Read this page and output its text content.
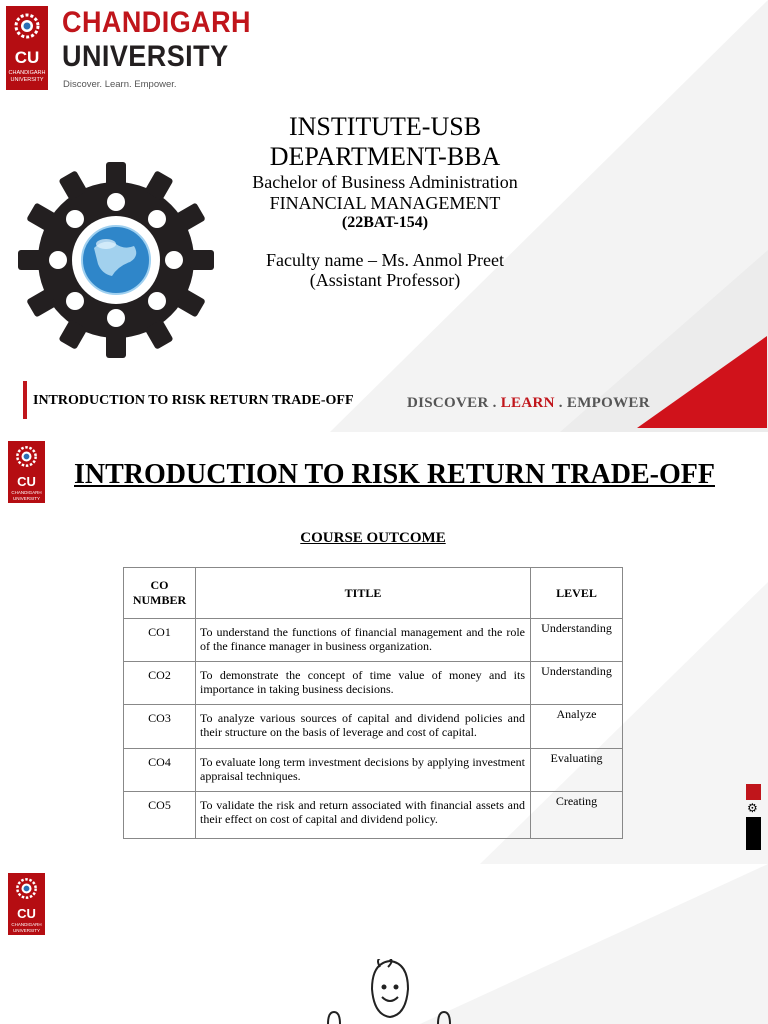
CU
CHANDIGARH
UNIVERSITY
CHANDIGARH
UNIVERSITY
Discover. Learn. Empower.
INSTITUTE-USB
DEPARTMENT-BBA
Bachelor of Business Administration
FINANCIAL MANAGEMENT
(22BAT-154)
Faculty name – Ms. Anmol Preet
(Assistant Professor)
INTRODUCTION TO RISK RETURN TRADE-OFF	DISCOVER . LEARN . EMPOWER
CU
CHANDIGARH
UNIVERSITY
INTRODUCTION TO RISK RETURN TRADE-OFF
COURSE OUTCOME
CO NUMBER	TITLE	LEVEL
CO1	To understand the functions of financial management and the role of the finance manager in business organization.	Understanding
CO2	To demonstrate the concept of time value of money and its importance in taking business decisions.	Understanding
CO3	To analyze various sources of capital and dividend policies and their structure on the basis of leverage and cost of capital.	Analyze
CO4	To evaluate long term investment decisions by applying investment appraisal techniques.	Evaluating
CO5	To validate the risk and return associated with financial assets and their effect on cost of capital and dividend policy.	Creating	⚙
CU
CHANDIGARH
UNIVERSITY
